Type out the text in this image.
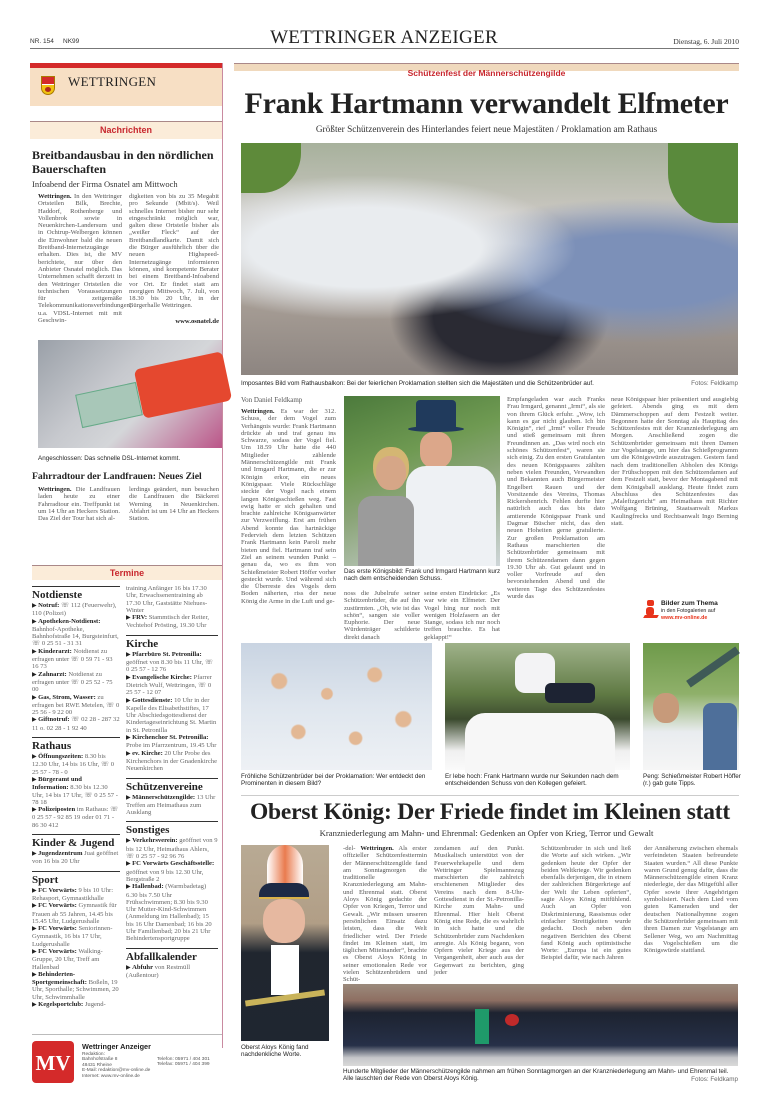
NR. 154 NK99	WETTRINGER ANZEIGER	Dienstag, 6. Juli 2010
WETTRINGEN
Nachrichten
Breitbandausbau in den nördlichen Bauerschaften
Infoabend der Firma Osnatel am Mittwoch
Wettringen. In den Wettringer Ortsteilen Bilk, Brechte, Haddorf, Rothenberge und Vollenbrok sowie in Neuenkirchen-Landersum und in Ochtrup-Welbergen können die Einwohner bald die neuen Breitband-Internetzugänge erhalten. Dies ist, die MV berichtete, nur über den Anbieter Osnatel möglich. Das Unternehmen schafft derzeit in den Wettringer Ortsteilen die technischen Voraussetzungen für zeitgemäße Telekommunikationsverbindungen, u.a. VDSL-Internet mit mit Geschwin-
digkeiten von bis zu 35 Megabit pro Sekunde (Mbit/s). Weil schnelles Internet bisher nur sehr eingeschränkt möglich war, galten diese Ortsteile bisher als „weißer Fleck“ auf der Breitbandlandkarte. Damit sich die Bürger ausführlich über die neuen Highspeed-Internetzugänge informieren können, sind kompetente Berater bei einem Breitband-Infoabend vor Ort. Er findet statt am morgigen Mittwoch, 7. Juli, von 18.30 bis 20 Uhr, in der Bürgerhalle Wettringen.
www.osnatel.de
Angeschlossen: Das schnelle DSL-Internet kommt.
Fahrradtour der Landfrauen: Neues Ziel
Wettringen. Die Landfrauen laden heute zu einer Fahrradtour ein. Treffpunkt ist um 14 Uhr an Heckers Station. Das Ziel der Tour hat sich al-
lerdings geändert, nun besuchen die Landfrauen die Bäckerei Werning in Neuenkirchen. Abfahrt ist um 14 Uhr an Heckers Station.
Termine
Notdienste
▶ Notruf: ☏ 112 (Feuerwehr), 110 (Polizei)
▶ Apotheken-Notdienst: Bahnhof-Apotheke, Bahnhofstraße 14, Burgsteinfurt, ☏ 0 25 51 - 31 31
▶ Kinderarzt: Notdienst zu erfragen unter ☏ 0 59 71 - 93 16 73
▶ Zahnarzt: Notdienst zu erfragen unter ☏ 0 25 52 - 75 00
▶ Gas, Strom, Wasser: zu erfragen bei RWE Metelen, ☏ 0 25 56 - 9 22 00
▶ Giftnotruf: ☏ 02 28 - 287 32 11 o. 02 28 - 1 92 40
Rathaus
▶ Öffnungszeiten: 8.30 bis 12.30 Uhr, 14 bis 16 Uhr, ☏ 0 25 57 - 78 - 0
▶ Bürgeramt und Information: 8.30 bis 12.30 Uhr, 14 bis 17 Uhr, ☏ 0 25 57 - 78 18
▶ Polizeiposten im Rathaus: ☏ 0 25 57 - 92 85 19 oder 01 71 - 86 30 412
Kinder & Jugend
▶ Jugendzentrum Juai geöffnet von 16 bis 20 Uhr
Sport
▶ FC Vorwärts: 9 bis 10 Uhr: Rehasport, Gymnastikhalle
▶ FC Vorwärts: Gymnastik für Frauen ab 55 Jahren, 14.45 bis 15.45 Uhr, Ludgerushalle
▶ FC Vorwärts: Seniorinnen-Gymnastik, 16 bis 17 Uhr, Ludgerushalle
▶ FC Vorwärts: Walking-Gruppe, 20 Uhr, Treff am Hallenbad
▶ Behinderten-Sportgemeinschaft: Boßeln, 19 Uhr, Sporthalle; Schwimmen, 20 Uhr, Schwimmhalle
▶ Kegelsportclub: Jugend-
training Anfänger 16 bis 17.30 Uhr, Erwachsenentraining ab 17.30 Uhr, Gaststätte Niehues-Winter
▶ FRV: Stammtisch der Reiter, Vechtehof Prösting, 19.30 Uhr
Kirche
▶ Pfarrbüro St. Petronilla: geöffnet von 8.30 bis 11 Uhr, ☏ 0 25 57 - 12 76
▶ Evangelische Kirche: Pfarrer Dietrich Wulf, Wettringen, ☏ 0 25 57 - 12 07
▶ Gottesdienste: 10 Uhr in der Kapelle des Elisabethstiftes, 17 Uhr Abschiedsgottesdienst der Kindertageseinrichtung St. Martin in St. Petronilla
▶ Kirchenchor St. Petronilla: Probe im Pfarrzentrum, 19.45 Uhr
▶ ev. Kirche: 20 Uhr Probe des Kirchenchors in der Gnadenkirche Neuenkirchen
Schützenvereine
▶ Männerschützengilde: 13 Uhr Treffen am Heimathaus zum Ausklang
Sonstiges
▶ Verkehrsverein: geöffnet von 9 bis 12 Uhr, Heimathaus Ahlers, ☏ 0 25 57 - 92 96 76
▶ FC Vorwärts Geschäftsstelle: geöffnet von 9 bis 12.30 Uhr, Bergstraße 2
▶ Hallenbad: (Warmbadetag) 6.30 bis 7.50 Uhr Frühschwimmen; 8.30 bis 9.30 Uhr Mutter-Kind-Schwimmen (Anmeldung im Hallenbad); 15 bis 16 Uhr Damenbad; 16 bis 20 Uhr Familienbad; 20 bis 21 Uhr Behindertensportgruppe
Abfallkalender
▶ Abfuhr von Restmüll (Außentour)
MV
Wettringer Anzeiger
Redaktion:
Bahnhofstraße 8
48431 Rheine
E-Mail: redaktion@mv-online.de
Internet: www.mv-online.de
Telefon: 05971 / 404 301
Telefax: 05971 / 404 399
Schützenfest der Männerschützengilde
Frank Hartmann verwandelt Elfmeter
Größter Schützenverein des Hinterlandes feiert neue Majestäten / Proklamation am Rathaus
Imposantes Bild vom Rathausbalkon: Bei der feierlichen Proklamation stellten sich die Majestäten und die Schützenbrüder auf.	Fotos: Feldkamp
Von Daniel Feldkamp
Wettringen. Es war der 312. Schuss, der dem Vogel zum Verhängnis wurde: Frank Hartmann drückte ab und traf genau ins Schwarze, sodass der Vogel fiel. Um 18.59 Uhr hatte die 440 Mitglieder zählende Männerschützengilde mit Frank und Irmgard Hartmann, die er zur Königin erkor, ein neues Königspaar. Viele Rückschläge steckte der Vogel nach einem langen Königsschießen weg. Fast ewig hatte er sich gehalten und brachte zahlreiche Königsanwärter zur Verzweiflung. Erst am frühen Abend konnte das hartnäckige Federvieh dem letzten Schützen Frank Hartmann kein Paroli mehr bieten und fiel. Hartmann traf sein Ziel an seinem wunden Punkt – genau da, wo es ihm von Schießmeister Robert Höffer vorher gesteckt wurde. Und während sich die Überreste des Vogels dem Boden näherten, riss der neue König die Arme in die Luft und ge-
Das erste Königsbild: Frank und Irmgard Hartmann kurz nach dem entscheidenden Schuss.
noss die Jubelrufe seiner Schützenbrüder, die auf ihn zustürmten. „Oh, wie ist das schön“, sangen sie voller Euphorie. Der neue Würdenträger schilderte direkt danach
seine ersten Eindrücke: „Es war wie ein Elfmeter. Der Vogel hing nur noch mit wenigen Holzfasern an der Stange, sodass ich nur noch treffen brauchte. Es hat geklappt!“
Empfangeladen war auch Franks Frau Irmgard, genannt „Irmi“, als sie von ihrem Glück erfuhr. „Wow, ich kann es gar nicht glauben. Ich bin Königin“, rief „Irmi“ voller Freude und stieß gemeinsam mit ihren Freundinnen an. „Das wird noch ein schönes Schützenfest“, waren sie sich einig. Zu den ersten Gratulanten des neuen Königspaares zählten neben vielen Freunden, Verwandten und Bekannten auch Bürgermeister Engelbert Rauen und der Vorsitzende des Vereins, Thomas Rickershenrich. Fehlen durfte hier natürlich auch das bis dato amtierende Königspaar Frank und Dagmar Büscher nicht, das den neuen Hoheiten gerne gratulierte. Zur großen Proklamation am Rathaus marschierten die Schützenbrüder gemeinsam mit ihrem Schützendamen dann gegen 19.30 Uhr ab. Gut gelaunt und in voller Vorfreude auf den bevorstehenden Abend und die weiteren Tage des Schützenfestes wurde das
neue Königspaar hier präsentiert und ausgiebig gefeiert. Abends ging es mit dem Dämmerschoppen auf dem Festzelt weiter. Begonnen hatte der Sonntag als Haupttag des Schützenfestes mit der Kranzniederlegung am Morgen. Anschließend zogen die Schützenbrüder gemeinsam mit ihren Damen zur Vogelstange, um hier das Schießprogramm um die Königswürde auszutragen. Gestern fand nach dem traditionellen Abholen des Königs der Frühschoppen mit den Schützendamen auf dem Festzelt statt, bevor der Montagabend mit dem Königsball ausklang. Heute findet zum Abschluss des Schützenfestes das „Malefizgericht“ am Heimathaus mit Richter Wolfgang Brüning, Staatsanwalt Markus Kaulingfrecks und Rechtsanwalt Ingo Berning statt.
Bilder zum Thema
in den Fotogalerien auf
www.mv-online.de
Fröhliche Schützenbrüder bei der Proklamation: Wer entdeckt den Prominenten in diesem Bild?
Er lebe hoch: Frank Hartmann wurde nur Sekunden nach dem entscheidenden Schuss von den Kollegen gefeiert.
Peng: Schießmeister Robert Höffer (r.) gab gute Tipps.
Oberst König: Der Friede findet im Kleinen statt
Kranzniederlegung am Mahn- und Ehrenmal: Gedenken an Opfer von Krieg, Terror und Gewalt
Oberst Aloys König fand nachdenkliche Worte.
-del- Wettringen. Als erster offizieller Schützenfesttermin der Männerschützengilde fand am Sonntagmorgen die traditionelle Kranzniederlegung am Mahn- und Ehrenmal statt. Oberst Aloys König gedachte der Opfer von Kriegen, Terror und Gewalt. „Wir müssen unseren persönlichen Einsatz dazu leisten, dass die Welt friedlicher wird. Der Friede findet im Kleinen statt, im täglichen Miteinander“, brachte es Oberst Aloys König in seiner emotionalen Rede vor vielen Schützenbrüdern und Schüt-
zendamen auf den Punkt. Musikalisch unterstützt von der Feuerwehrkapelle und dem Wettringer Spielmannszug marschierten die zahlreich erschienenen Mitglieder des Vereins nach dem 8-Uhr-Gottesdienst in der St.-Petronilla-Kirche zum Mahn- und Ehrenmal. Hier hielt Oberst König eine Rede, die es wahrlich in sich hatte und die Schützenbrüder zum Nachdenken anregte. Als König begann, von Opfern vieler Kriege aus der Vergangenheit, aber auch aus der Gegenwart zu berichten, ging jeder
Schützenbruder in sich und ließ die Worte auf sich wirken. „Wir gedenken heute der Opfer der beiden Weltkriege. Wir gedenken ebenfalls derjenigen, die in einem der zahlreichen Bürgerkriege auf der Welt ihr Leben opferten“, sagte Aloys König mitfühlend. Auch an Opfer von Diskriminierung, Rassismus oder einfacher Streitigkeiten wurde gedacht. Doch neben den negativen Berichten des Oberst fand König auch optimistische Worte: „Europa ist ein gutes Beispiel dafür, wie nach Jahren
der Annäherung zwischen ehemals verfeindeten Staaten befreundete Staaten wurden.“ All diese Punkte waren Grund genug dafür, dass die Männerschützengilde einen Kranz niederlegte, der das Mitgefühl aller Opfer sowie ihrer Angehörigen symbolisiert. Nach dem Lied vom guten Kameraden und der deutschen Nationalhymne zogen die Schützenbrüder gemeinsam mit ihren Damen zur Vogelstange am Sellener Weg, wo am Nachmittag das Vogelschießen um die Königswürde stattfand.
Hunderte Mitglieder der Männerschützengilde nahmen am frühen Sonntagmorgen an der Kranzniederlegung am Mahn- und Ehrenmal teil. Alle lauschten der Rede von Oberst Aloys König.	Fotos: Feldkamp
